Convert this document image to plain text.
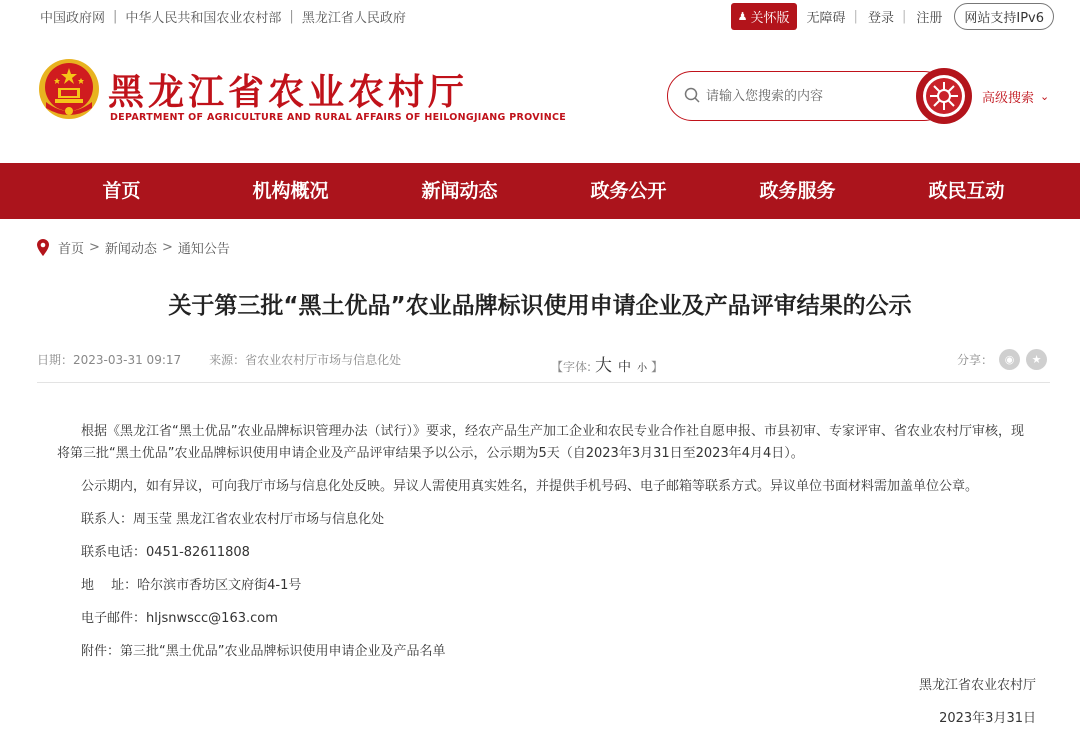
中国政府网 | 中华人民共和国农业农村部 | 黑龙江省人民政府	♟ 关怀版 无障碍 | 登录 | 注册	网站支持IPv6
黑龙江省农业农村厅
DEPARTMENT OF AGRICULTURE AND RURAL AFFAIRS OF HEILONGJIANG PROVINCE
请输入您搜索的内容
高级搜索 ⌄
首页	机构概况	新闻动态	政务公开	政务服务	政民互动
首页 > 新闻动态 > 通知公告
关于第三批“黑土优品”农业品牌标识使用申请企业及产品评审结果的公示
日期：2023-03-31 09:17 来源：省农业农村厅市场与信息化处	【字体: 大 中 小 】	分享：	◉	★
根据《黑龙江省“黑土优品”农业品牌标识管理办法（试行）》要求，经农产品生产加工企业和农民专业合作社自愿申报、市县初审、专家评审、省农业农村厅审核，现将第三批“黑土优品”农业品牌标识使用申请企业及产品评审结果予以公示，公示期为5天（自2023年3月31日至2023年4月4日）。
公示期内，如有异议，可向我厅市场与信息化处反映。异议人需使用真实姓名，并提供手机号码、电子邮箱等联系方式。异议单位书面材料需加盖单位公章。
联系人：周玉莹 黑龙江省农业农村厅市场与信息化处
联系电话：0451-82611808
地　 址：哈尔滨市香坊区文府街4-1号
电子邮件：hljsnwscc@163.com
附件：第三批“黑土优品”农业品牌标识使用申请企业及产品名单
黑龙江省农业农村厅
2023年3月31日
